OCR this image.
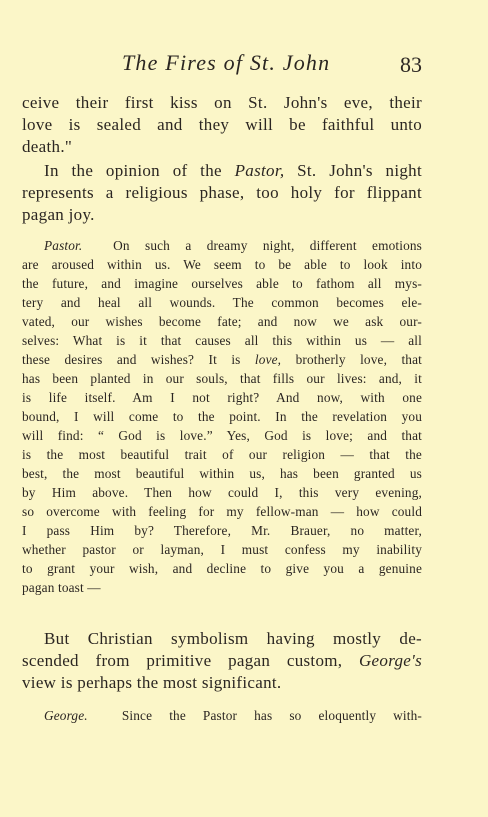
The Fires of St. John	83
ceive their first kiss on St. John's eve, their
love is sealed and they will be faithful unto
death."
In the opinion of the Pastor, St. John's night
represents a religious phase, too holy for flippant
pagan joy.
Pastor. On such a dreamy night, different emotions
are aroused within us. We seem to be able to look into
the future, and imagine ourselves able to fathom all mys-
tery and heal all wounds. The common becomes ele-
vated, our wishes become fate; and now we ask our-
selves: What is it that causes all this within us — all
these desires and wishes? It is love, brotherly love, that
has been planted in our souls, that fills our lives: and, it
is life itself. Am I not right? And now, with one
bound, I will come to the point. In the revelation you
will find: “ God is love.” Yes, God is love; and that
is the most beautiful trait of our religion — that the
best, the most beautiful within us, has been granted us
by Him above. Then how could I, this very evening,
so overcome with feeling for my fellow-man — how could
I pass Him by? Therefore, Mr. Brauer, no matter,
whether pastor or layman, I must confess my inability
to grant your wish, and decline to give you a genuine
pagan toast —
But Christian symbolism having mostly de-
scended from primitive pagan custom, George's
view is perhaps the most significant.
George.	Since the Pastor has so eloquently with-
